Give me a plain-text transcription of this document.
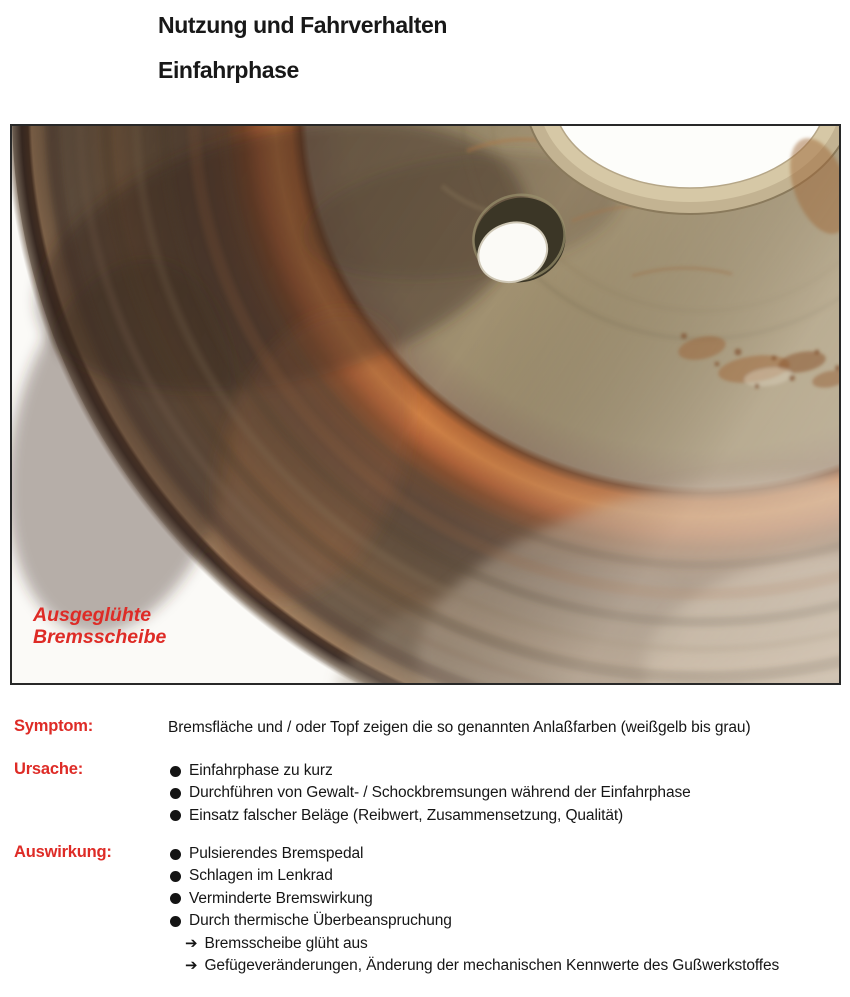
Nutzung und Fahrverhalten
Einfahrphase
Ausgeglühte
Bremsscheibe
Symptom:	Bremsfläche und / oder Topf zeigen die so genannten Anlaßfarben (weißgelb bis grau)
Ursache:	Einfahrphase zu kurz
Durchführen von Gewalt- / Schockbremsungen während der Einfahrphase
Einsatz falscher Beläge (Reibwert, Zusammensetzung, Qualität)
Auswirkung:	Pulsierendes Bremspedal
Schlagen im Lenkrad
Verminderte Bremswirkung
Durch thermische Überbeanspruchung
➔ Bremsscheibe glüht aus
➔ Gefügeveränderungen, Änderung der mechanischen Kennwerte des Gußwerkstoffes
